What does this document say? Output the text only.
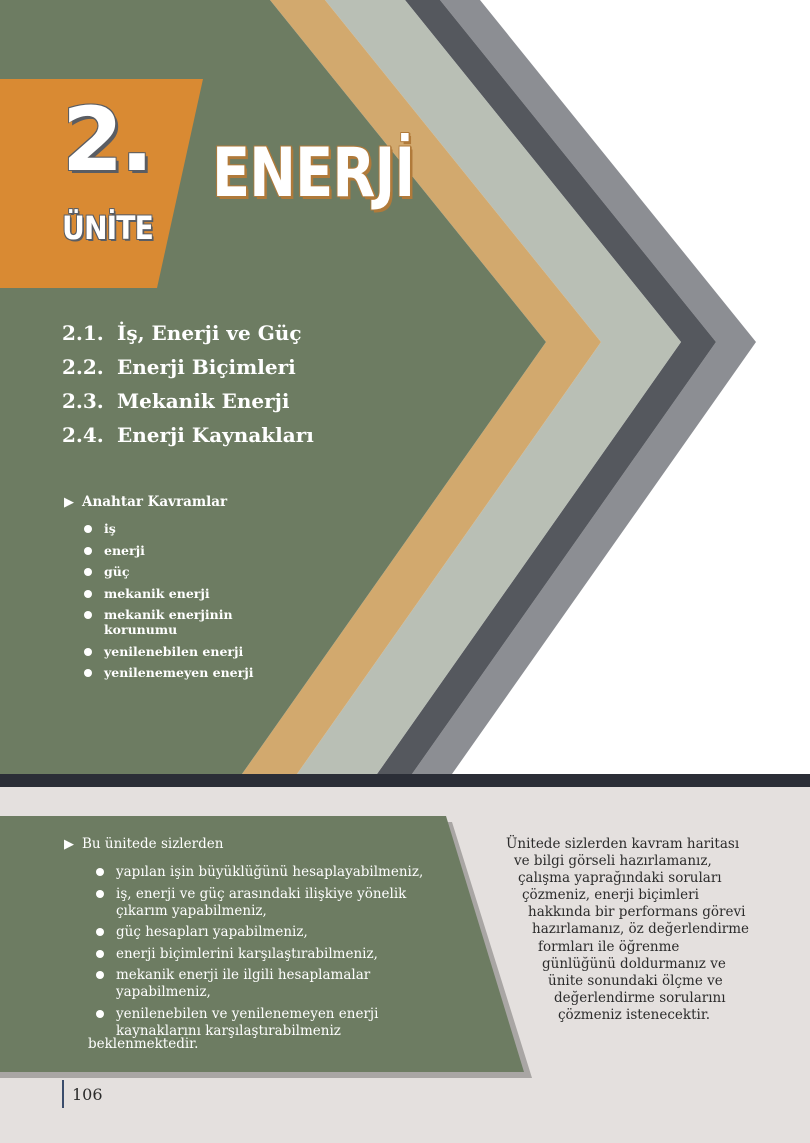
2.
ÜNİTE
ENERJİ
2.1. İş, Enerji ve Güç
2.2. Enerji Biçimleri
2.3. Mekanik Enerji
2.4. Enerji Kaynakları
▶ Anahtar Kavramlar
iş
enerji
güç
mekanik enerji
mekanik enerjinin korunumu
yenilenebilen enerji
yenilenemeyen enerji
▶ Bu ünitede sizlerden
yapılan işin büyüklüğünü hesaplayabilmeniz,
iş, enerji ve güç arasındaki ilişkiye yönelik çıkarım yapabilmeniz,
güç hesapları yapabilmeniz,
enerji biçimlerini karşılaştırabilmeniz,
mekanik enerji ile ilgili hesaplamalar yapabilmeniz,
yenilenebilen ve yenilenemeyen enerji kaynaklarını karşılaştırabilmeniz
beklenmektedir.
Ünitede sizlerden kavram haritası
ve bilgi görseli hazırlamanız,
çalışma yaprağındaki soruları
çözmeniz, enerji biçimleri
hakkında bir performans görevi
hazırlamanız, öz değerlendirme
formları ile öğrenme
günlüğünü doldurmanız ve
ünite sonundaki ölçme ve
değerlendirme sorularını
çözmeniz istenecektir.
106
